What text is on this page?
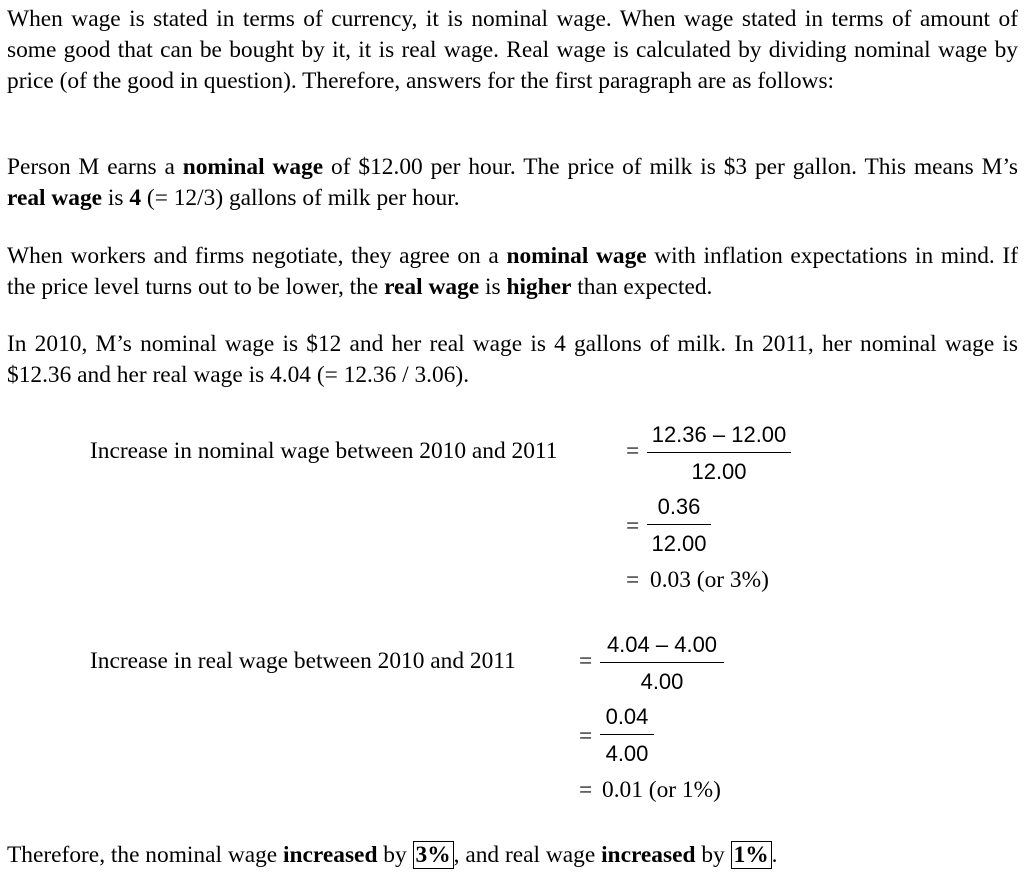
When wage is stated in terms of currency, it is nominal wage. When wage stated in terms of amount of some good that can be bought by it, it is real wage. Real wage is calculated by dividing nominal wage by price (of the good in question). Therefore, answers for the first paragraph are as follows:

Person M earns a nominal wage of $12.00 per hour. The price of milk is $3 per gallon. This means M’s real wage is 4 (= 12/3) gallons of milk per hour.

When workers and firms negotiate, they agree on a nominal wage with inflation expectations in mind. If the price level turns out to be lower, the real wage is higher than expected.

In 2010, M’s nominal wage is $12 and her real wage is 4 gallons of milk. In 2011, her nominal wage is $12.36 and her real wage is 4.04 (= 12.36 / 3.06).

Increase in nominal wage between 2010 and 2011	= $\frac{12.36 - 12.00}{12.00}$
= $\frac{0.36}{12.00}$
= 0.03 (or 3%)
Increase in real wage between 2010 and 2011	= $\frac{4.04 - 4.00}{4.00}$
= $\frac{0.04}{4.00}$
= 0.01 (or 1%)

Therefore, the nominal wage increased by 3% , and real wage increased by 1% .
